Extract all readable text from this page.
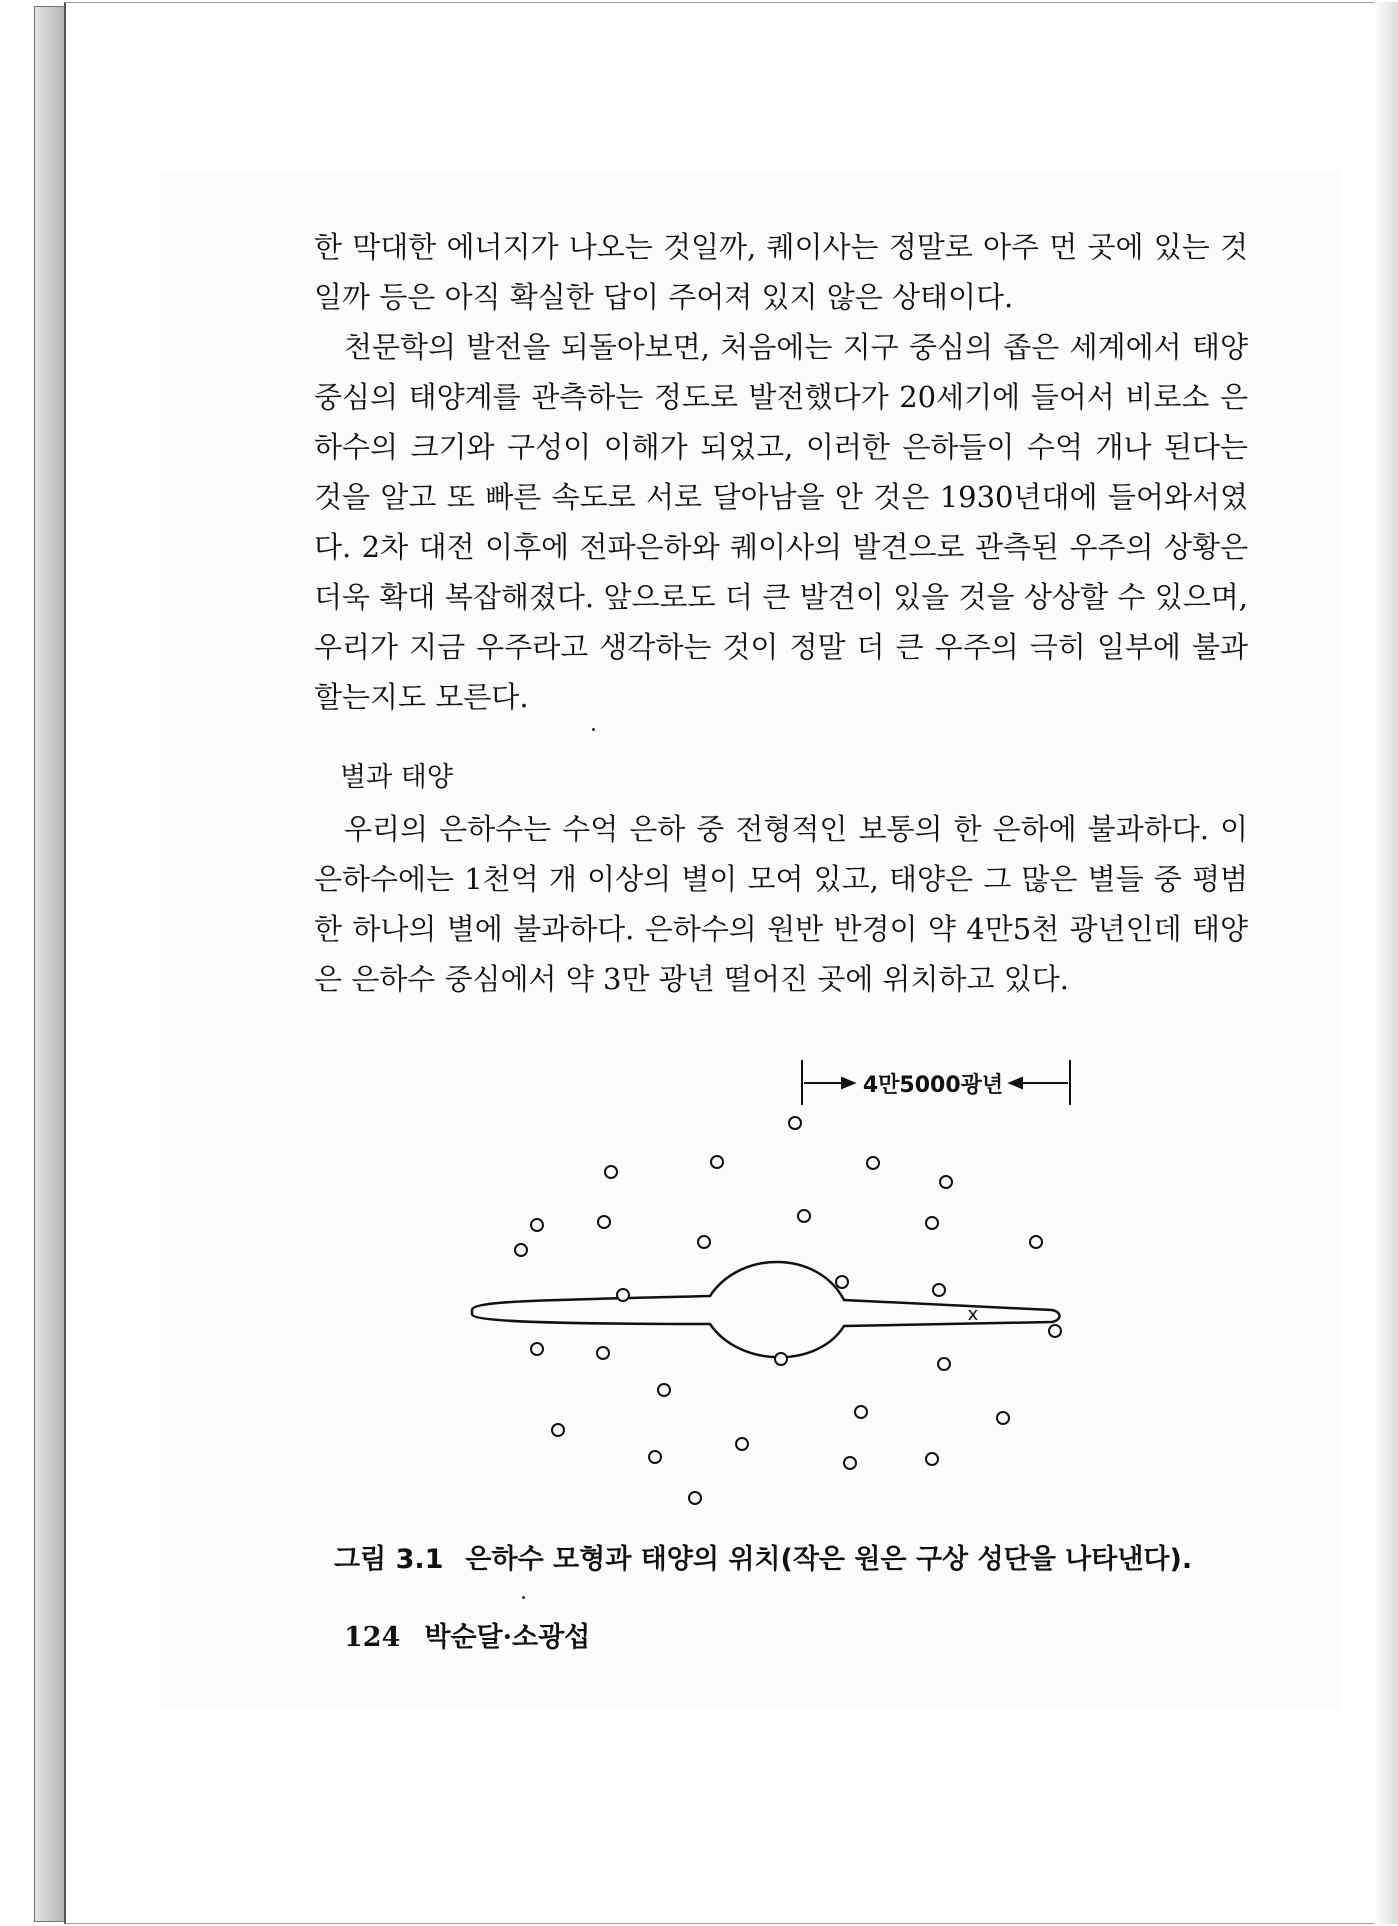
한 막대한 에너지가 나오는 것일까, 퀘이사는 정말로 아주 먼 곳에 있는 것일까 등은 아직 확실한 답이 주어져 있지 않은 상태이다.

천문학의 발전을 되돌아보면, 처음에는 지구 중심의 좁은 세계에서 태양 중심의 태양계를 관측하는 정도로 발전했다가 20세기에 들어서 비로소 은하수의 크기와 구성이 이해가 되었고, 이러한 은하들이 수억 개나 된다는 것을 알고 또 빠른 속도로 서로 달아남을 안 것은 1930년대에 들어와서였다. 2차 대전 이후에 전파은하와 퀘이사의 발견으로 관측된 우주의 상황은 더욱 확대 복잡해졌다. 앞으로도 더 큰 발견이 있을 것을 상상할 수 있으며, 우리가 지금 우주라고 생각하는 것이 정말 더 큰 우주의 극히 일부에 불과할는지도 모른다.

별과 태양

우리의 은하수는 수억 은하 중 전형적인 보통의 한 은하에 불과하다. 이 은하수에는 1천억 개 이상의 별이 모여 있고, 태양은 그 많은 별들 중 평범한 하나의 별에 불과하다. 은하수의 원반 반경이 약 4만5천 광년인데 태양은 은하수 중심에서 약 3만 광년 떨어진 곳에 위치하고 있다.

4만5000광년
x

그림 3.1 은하수 모형과 태양의 위치(작은 원은 구상 성단을 나타낸다).

124 박순달·소광섭
